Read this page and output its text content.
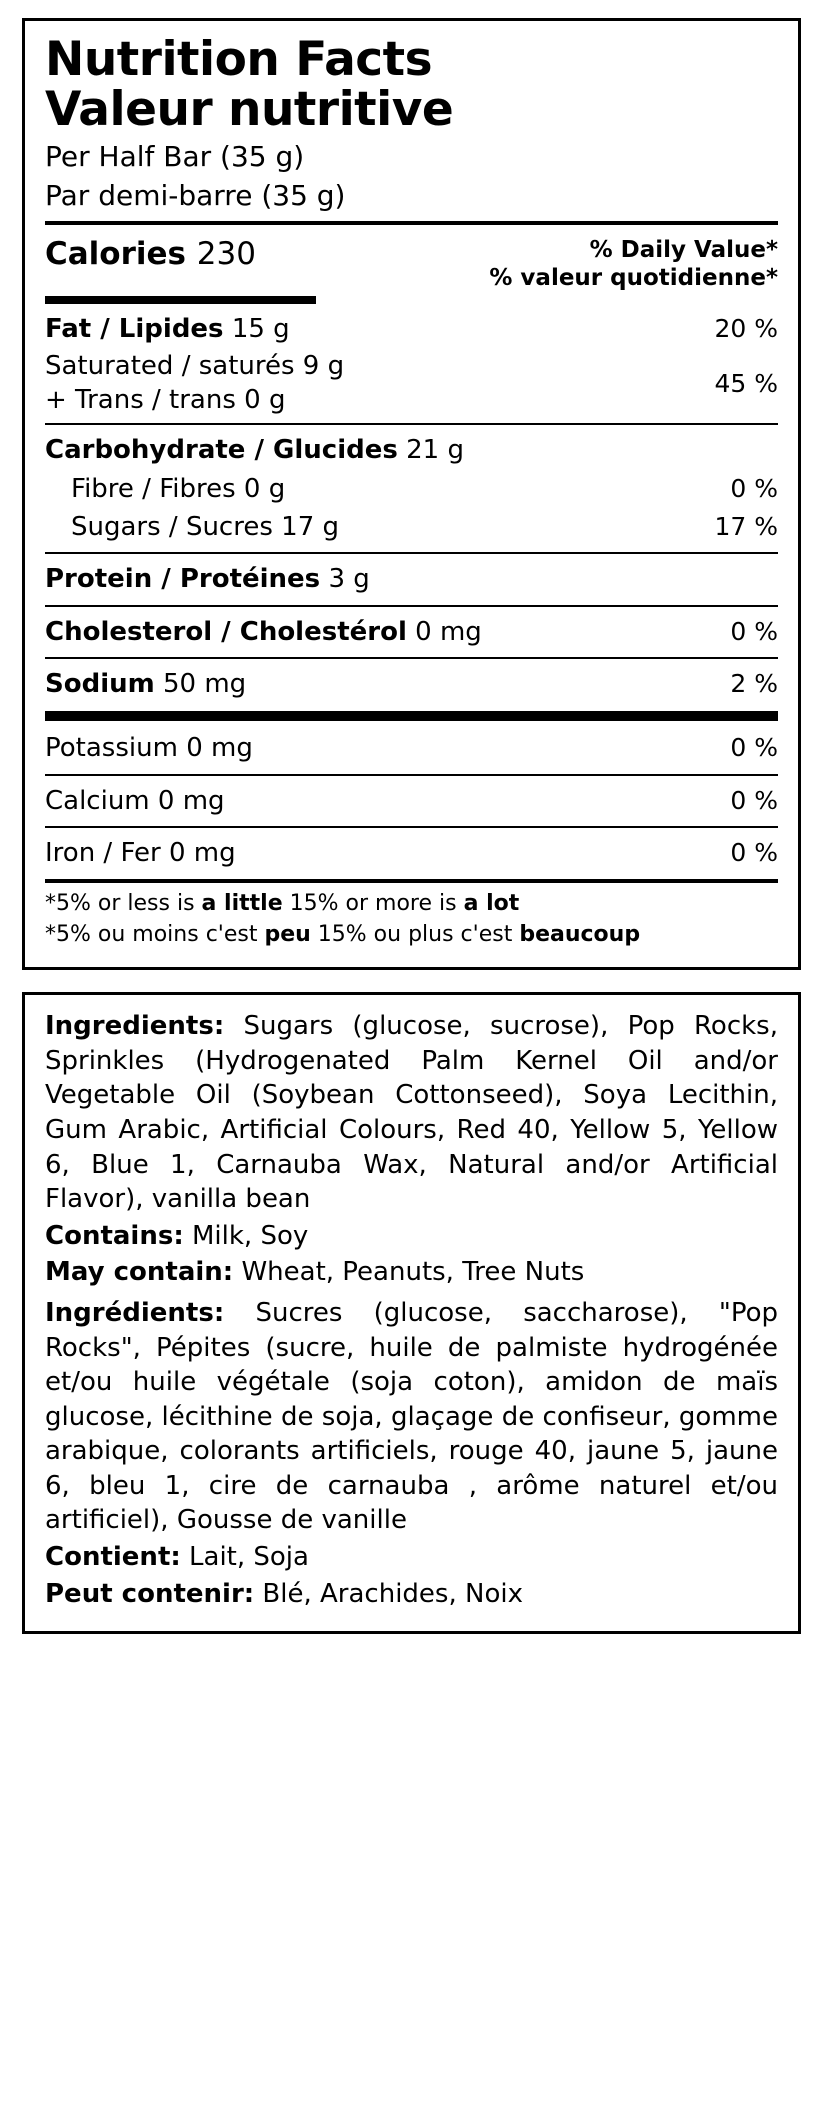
Nutrition Facts
Valeur nutritive
Per Half Bar (35 g)
Par demi-barre (35 g)
Calories 230	% Daily Value*
% valeur quotidienne*
Fat / Lipides 15 g	20 %
Saturated / saturés 9 g
+ Trans / trans 0 g
45 %
Carbohydrate / Glucides 21 g
Fibre / Fibres 0 g	0 %
Sugars / Sucres 17 g	17 %
Protein / Protéines 3 g
Cholesterol / Cholestérol 0 mg	0 %
Sodium 50 mg	2 %
Potassium 0 mg	0 %
Calcium 0 mg	0 %
Iron / Fer 0 mg	0 %
*5% or less is a little 15% or more is a lot
*5% ou moins c'est peu 15% ou plus c'est beaucoup
Ingredients: Sugars (glucose, sucrose), Pop Rocks, Sprinkles (Hydrogenated Palm Kernel Oil and/or Vegetable Oil (Soybean Cottonseed), Soya Lecithin, Gum Arabic, Artificial Colours, Red 40, Yellow 5, Yellow 6, Blue 1, Carnauba Wax, Natural and/or Artificial Flavor), vanilla bean
Contains: Milk, Soy
May contain: Wheat, Peanuts, Tree Nuts
Ingrédients: Sucres (glucose, saccharose), "Pop Rocks", Pépites (sucre, huile de palmiste hydrogénée et/ou huile végétale (soja coton), amidon de maïs glucose, lécithine de soja, glaçage de confiseur, gomme arabique, colorants artificiels, rouge 40, jaune 5, jaune 6, bleu 1, cire de carnauba , arôme naturel et/ou artificiel), Gousse de vanille
Contient: Lait, Soja
Peut contenir: Blé, Arachides, Noix
